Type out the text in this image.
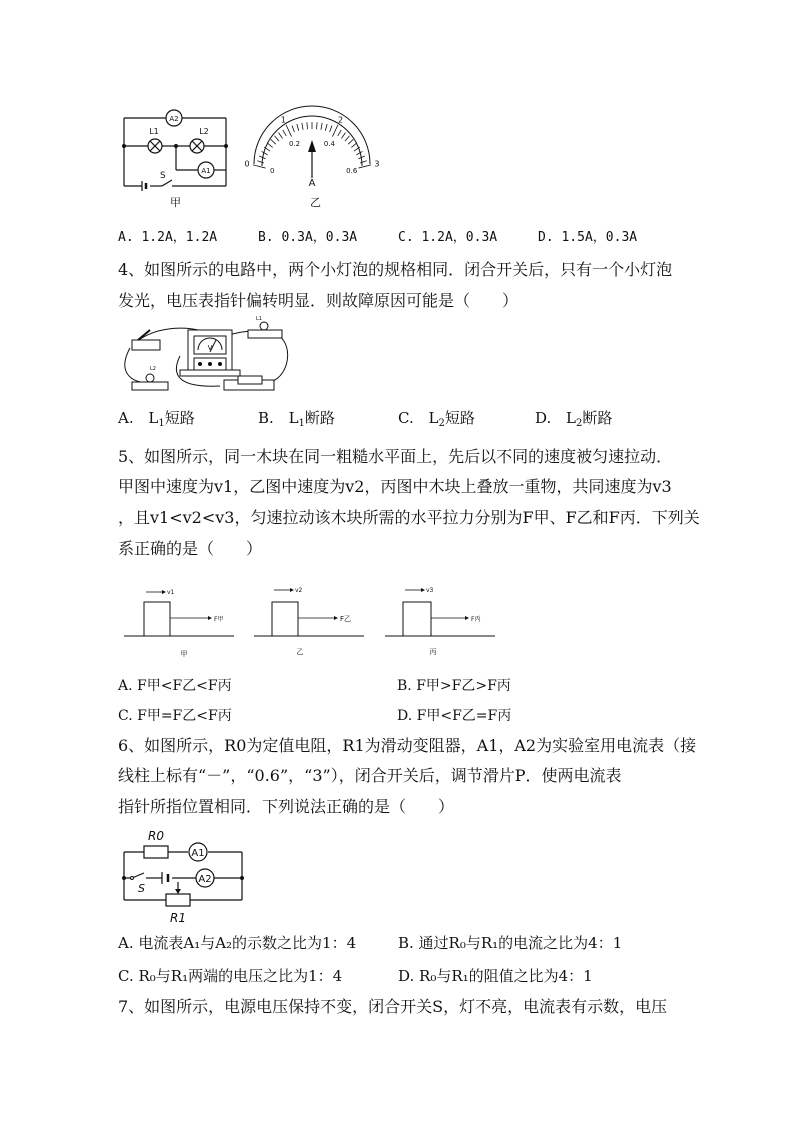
A2
A1
L1	L2
S
甲
0
1	2
3
0
0.2	0.4
0.6
A
乙
A. 1.2A，1.2A	B. 0.3A，0.3A	C. 1.2A，0.3A	D. 1.5A，0.3A
4、如图所示的电路中，两个小灯泡的规格相同．闭合开关后，只有一个小灯泡
发光，电压表指针偏转明显．则故障原因可能是（　　）
V
L1
L2
A. $L_1$短路	B. $L_1$断路	C. $L_2$短路	D. $L_2$断路
5、如图所示，同一木块在同一粗糙水平面上，先后以不同的速度被匀速拉动．
甲图中速度为v1，乙图中速度为v2，丙图中木块上叠放一重物，共同速度为v3
，且v1<v2<v3，匀速拉动该木块所需的水平拉力分别为F甲、F乙和F丙．下列关
系正确的是（　　）
v1
F甲
甲
v2
F乙
乙
v3
F丙
丙
A. F甲<F乙<F丙	B. F甲>F乙>F丙
C. F甲=F乙<F丙	D. F甲<F乙=F丙
6、如图所示，R0为定值电阻，R1为滑动变阻器，A1，A2为实验室用电流表（接
线柱上标有“－”，“0.6”，“3”），闭合开关后，调节滑片P．使两电流表
指针所指位置相同．下列说法正确的是（　　）
R0
A1
A2
S
R1
A. 电流表A₁与A₂的示数之比为1：4	B. 通过R₀与R₁的电流之比为4：1
C. R₀与R₁两端的电压之比为1：4	D. R₀与R₁的阻值之比为4：1
7、如图所示，电源电压保持不变，闭合开关S，灯不亮，电流表有示数，电压
